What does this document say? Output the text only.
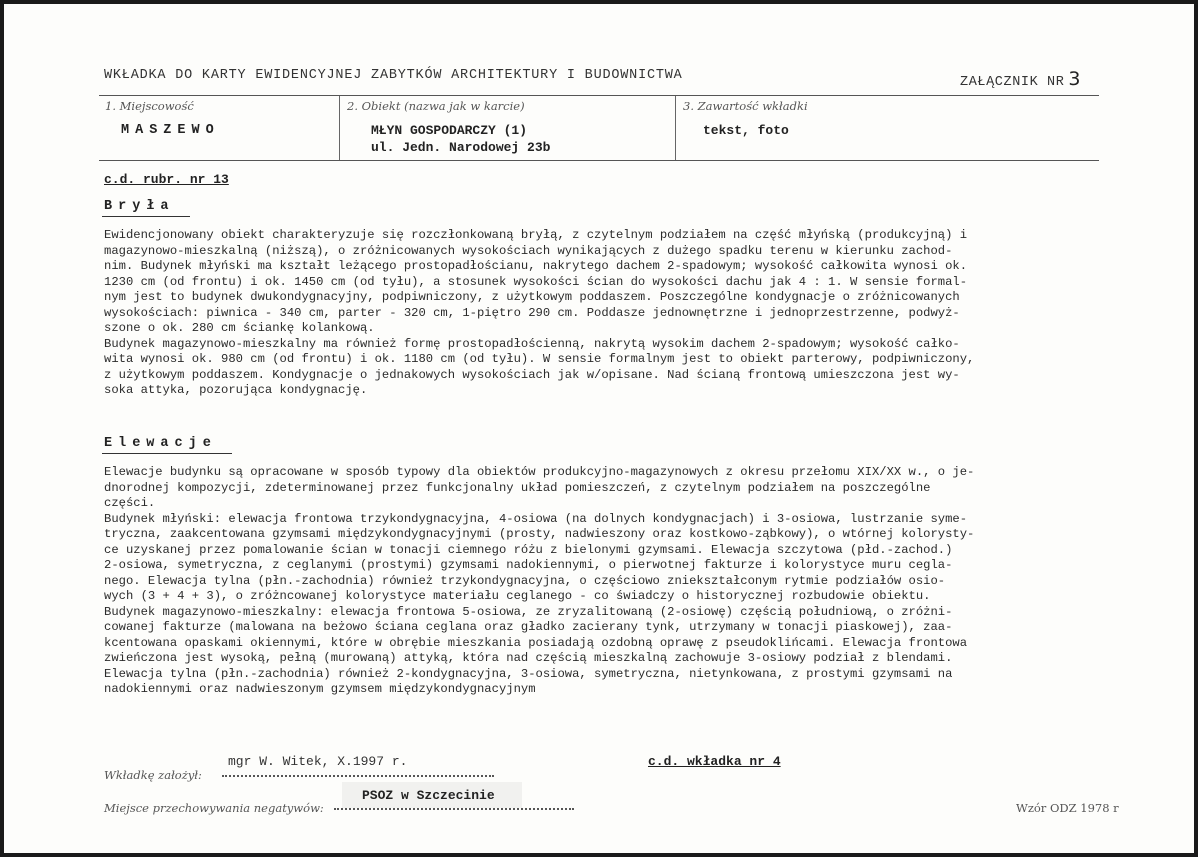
WKŁADKA DO KARTY EWIDENCYJNEJ ZABYTKÓW ARCHITEKTURY I BUDOWNICTWA	ZAŁĄCZNIK NR 3
1. Miejscowość
MASZEWO
2. Obiekt (nazwa jak w karcie)
MŁYN GOSPODARCZY (1)
ul. Jedn. Narodowej 23b
3. Zawartość wkładki
tekst, foto
c.d. rubr. nr 13
Bryła
Ewidencjonowany obiekt charakteryzuje się rozczłonkowaną bryłą, z czytelnym podziałem na część młyńską (produkcyjną) i
magazynowo-mieszkalną (niższą), o zróżnicowanych wysokościach wynikających z dużego spadku terenu w kierunku zachod-
nim. Budynek młyński ma kształt leżącego prostopadłościanu, nakrytego dachem 2-spadowym; wysokość całkowita wynosi ok.
1230 cm (od frontu) i ok. 1450 cm (od tyłu), a stosunek wysokości ścian do wysokości dachu jak 4 : 1. W sensie formal-
nym jest to budynek dwukondygnacyjny, podpiwniczony, z użytkowym poddaszem. Poszczególne kondygnacje o zróżnicowanych
wysokościach: piwnica - 340 cm, parter - 320 cm, 1-piętro 290 cm. Poddasze jednownętrzne i jednoprzestrzenne, podwyż-
szone o ok. 280 cm ściankę kolankową.
Budynek magazynowo-mieszkalny ma również formę prostopadłościenną, nakrytą wysokim dachem 2-spadowym; wysokość całko-
wita wynosi ok. 980 cm (od frontu) i ok. 1180 cm (od tyłu). W sensie formalnym jest to obiekt parterowy, podpiwniczony,
z użytkowym poddaszem. Kondygnacje o jednakowych wysokościach jak w/opisane. Nad ścianą frontową umieszczona jest wy-
soka attyka, pozorująca kondygnację.
Elewacje
Elewacje budynku są opracowane w sposób typowy dla obiektów produkcyjno-magazynowych z okresu przełomu XIX/XX w., o je-
dnorodnej kompozycji, zdeterminowanej przez funkcjonalny układ pomieszczeń, z czytelnym podziałem na poszczególne
części.
Budynek młyński: elewacja frontowa trzykondygnacyjna, 4-osiowa (na dolnych kondygnacjach) i 3-osiowa, lustrzanie syme-
tryczna, zaakcentowana gzymsami międzykondygnacyjnymi (prosty, nadwieszony oraz kostkowo-ząbkowy), o wtórnej kolorysty-
ce uzyskanej przez pomalowanie ścian w tonacji ciemnego różu z bielonymi gzymsami. Elewacja szczytowa (płd.-zachod.)
2-osiowa, symetryczna, z ceglanymi (prostymi) gzymsami nadokiennymi, o pierwotnej fakturze i kolorystyce muru cegla-
nego. Elewacja tylna (płn.-zachodnia) również trzykondygnacyjna, o częściowo zniekształconym rytmie podziałów osio-
wych (3 + 4 + 3), o zróżncowanej kolorystyce materiału ceglanego - co świadczy o historycznej rozbudowie obiektu.
Budynek magazynowo-mieszkalny: elewacja frontowa 5-osiowa, ze zryzalitowaną (2-osiowę) częścią południową, o zróżni-
cowanej fakturze (malowana na beżowo ściana ceglana oraz gładko zacierany tynk, utrzymany w tonacji piaskowej), zaa-
kcentowana opaskami okiennymi, które w obrębie mieszkania posiadają ozdobną oprawę z pseudoklińcami. Elewacja frontowa
zwieńczona jest wysoką, pełną (murowaną) attyką, która nad częścią mieszkalną zachowuje 3-osiowy podział z blendami.
Elewacja tylna (płn.-zachodnia) również 2-kondygnacyjna, 3-osiowa, symetryczna, nietynkowana, z prostymi gzymsami na
nadokiennymi oraz nadwieszonym gzymsem międzykondygnacyjnym
Wkładkę założył:
mgr W. Witek, X.1997 r.	c.d. wkładka nr 4
Miejsce przechowywania negatywów:
PSOZ w Szczecinie
Wzór ODZ 1978 r
